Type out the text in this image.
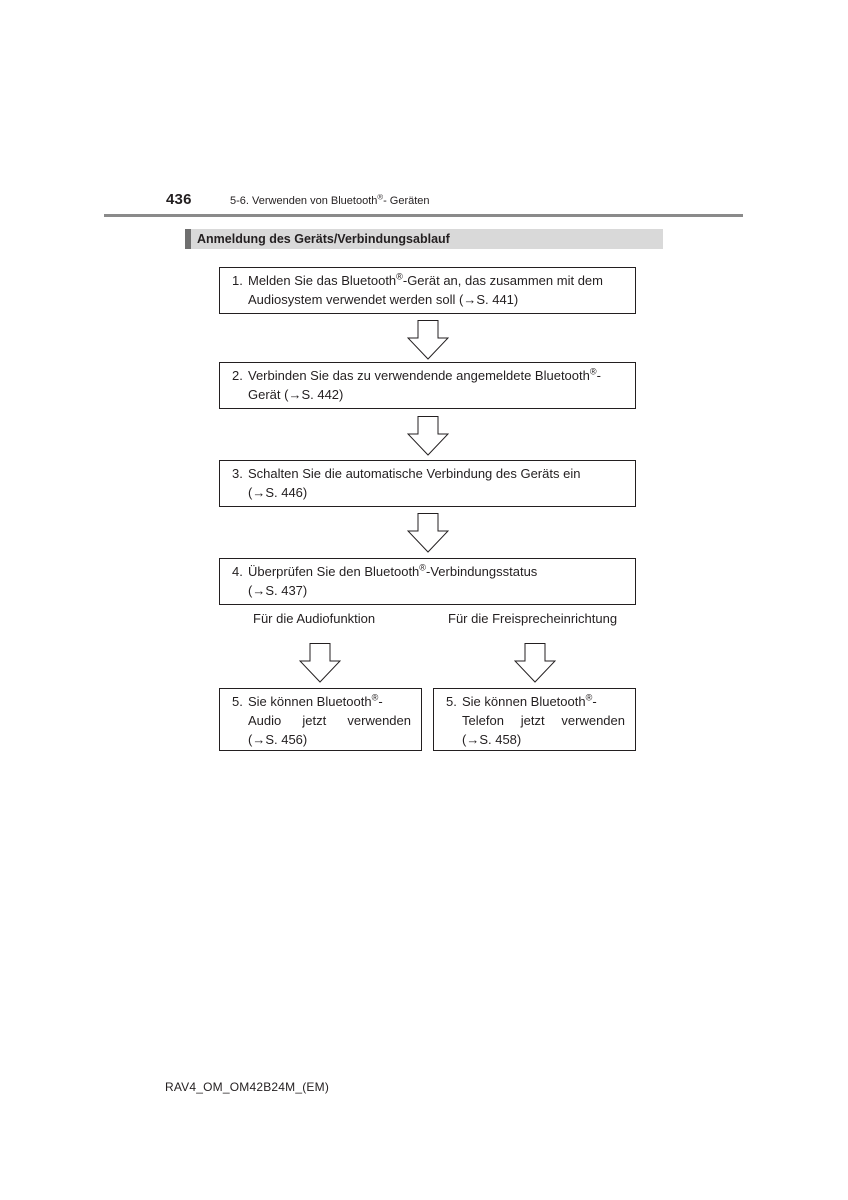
436	5-6. Verwenden von Bluetooth®- Geräten
Anmeldung des Geräts/Verbindungsablauf
1. Melden Sie das Bluetooth®-Gerät an, das zusammen mit dem
Audiosystem verwendet werden soll (→S. 441)
2. Verbinden Sie das zu verwendende angemeldete Bluetooth®-
Gerät (→S. 442)
3. Schalten Sie die automatische Verbindung des Geräts ein
(→S. 446)
4. Überprüfen Sie den Bluetooth®-Verbindungsstatus
(→S. 437)
Für die Audiofunktion	Für die Freisprecheinrichtung
5. Sie können Bluetooth®-
Audio jetzt verwenden
(→S. 456)
5. Sie können Bluetooth®-
Telefon jetzt verwenden
(→S. 458)
RAV4_OM_OM42B24M_(EM)
